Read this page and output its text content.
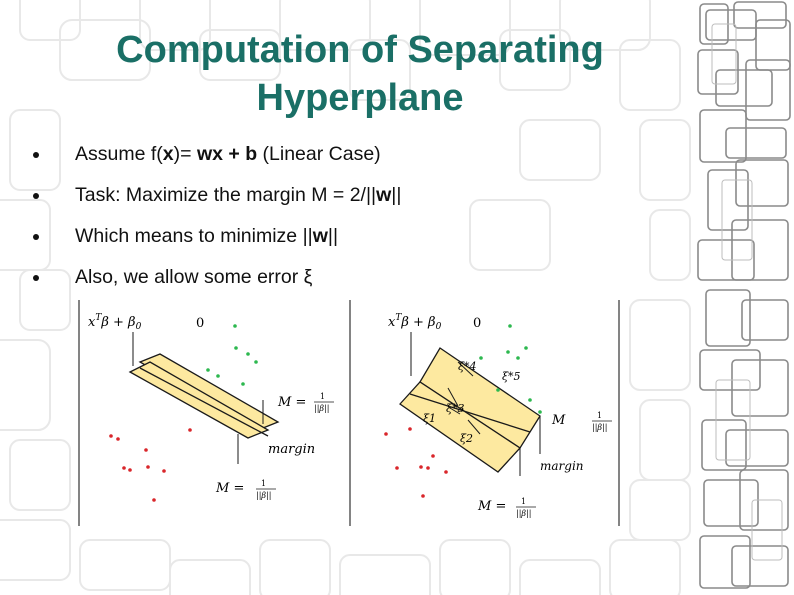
Computation of Separating
Hyperplane
Assume f(x)= wx + b (Linear Case)
Task: Maximize the margin M = 2/||w||
Which means to minimize ||w||
Also, we allow some error ξ
$x^T\beta + \beta_0$	0
M = 1
||β||
margin
M = 1
||β||
$x^T\beta + \beta_0$ 0
ξ*4
ξ*5
ξ*3
ξ1
ξ2
M	1
||β||
margin
M = 1
||β||
